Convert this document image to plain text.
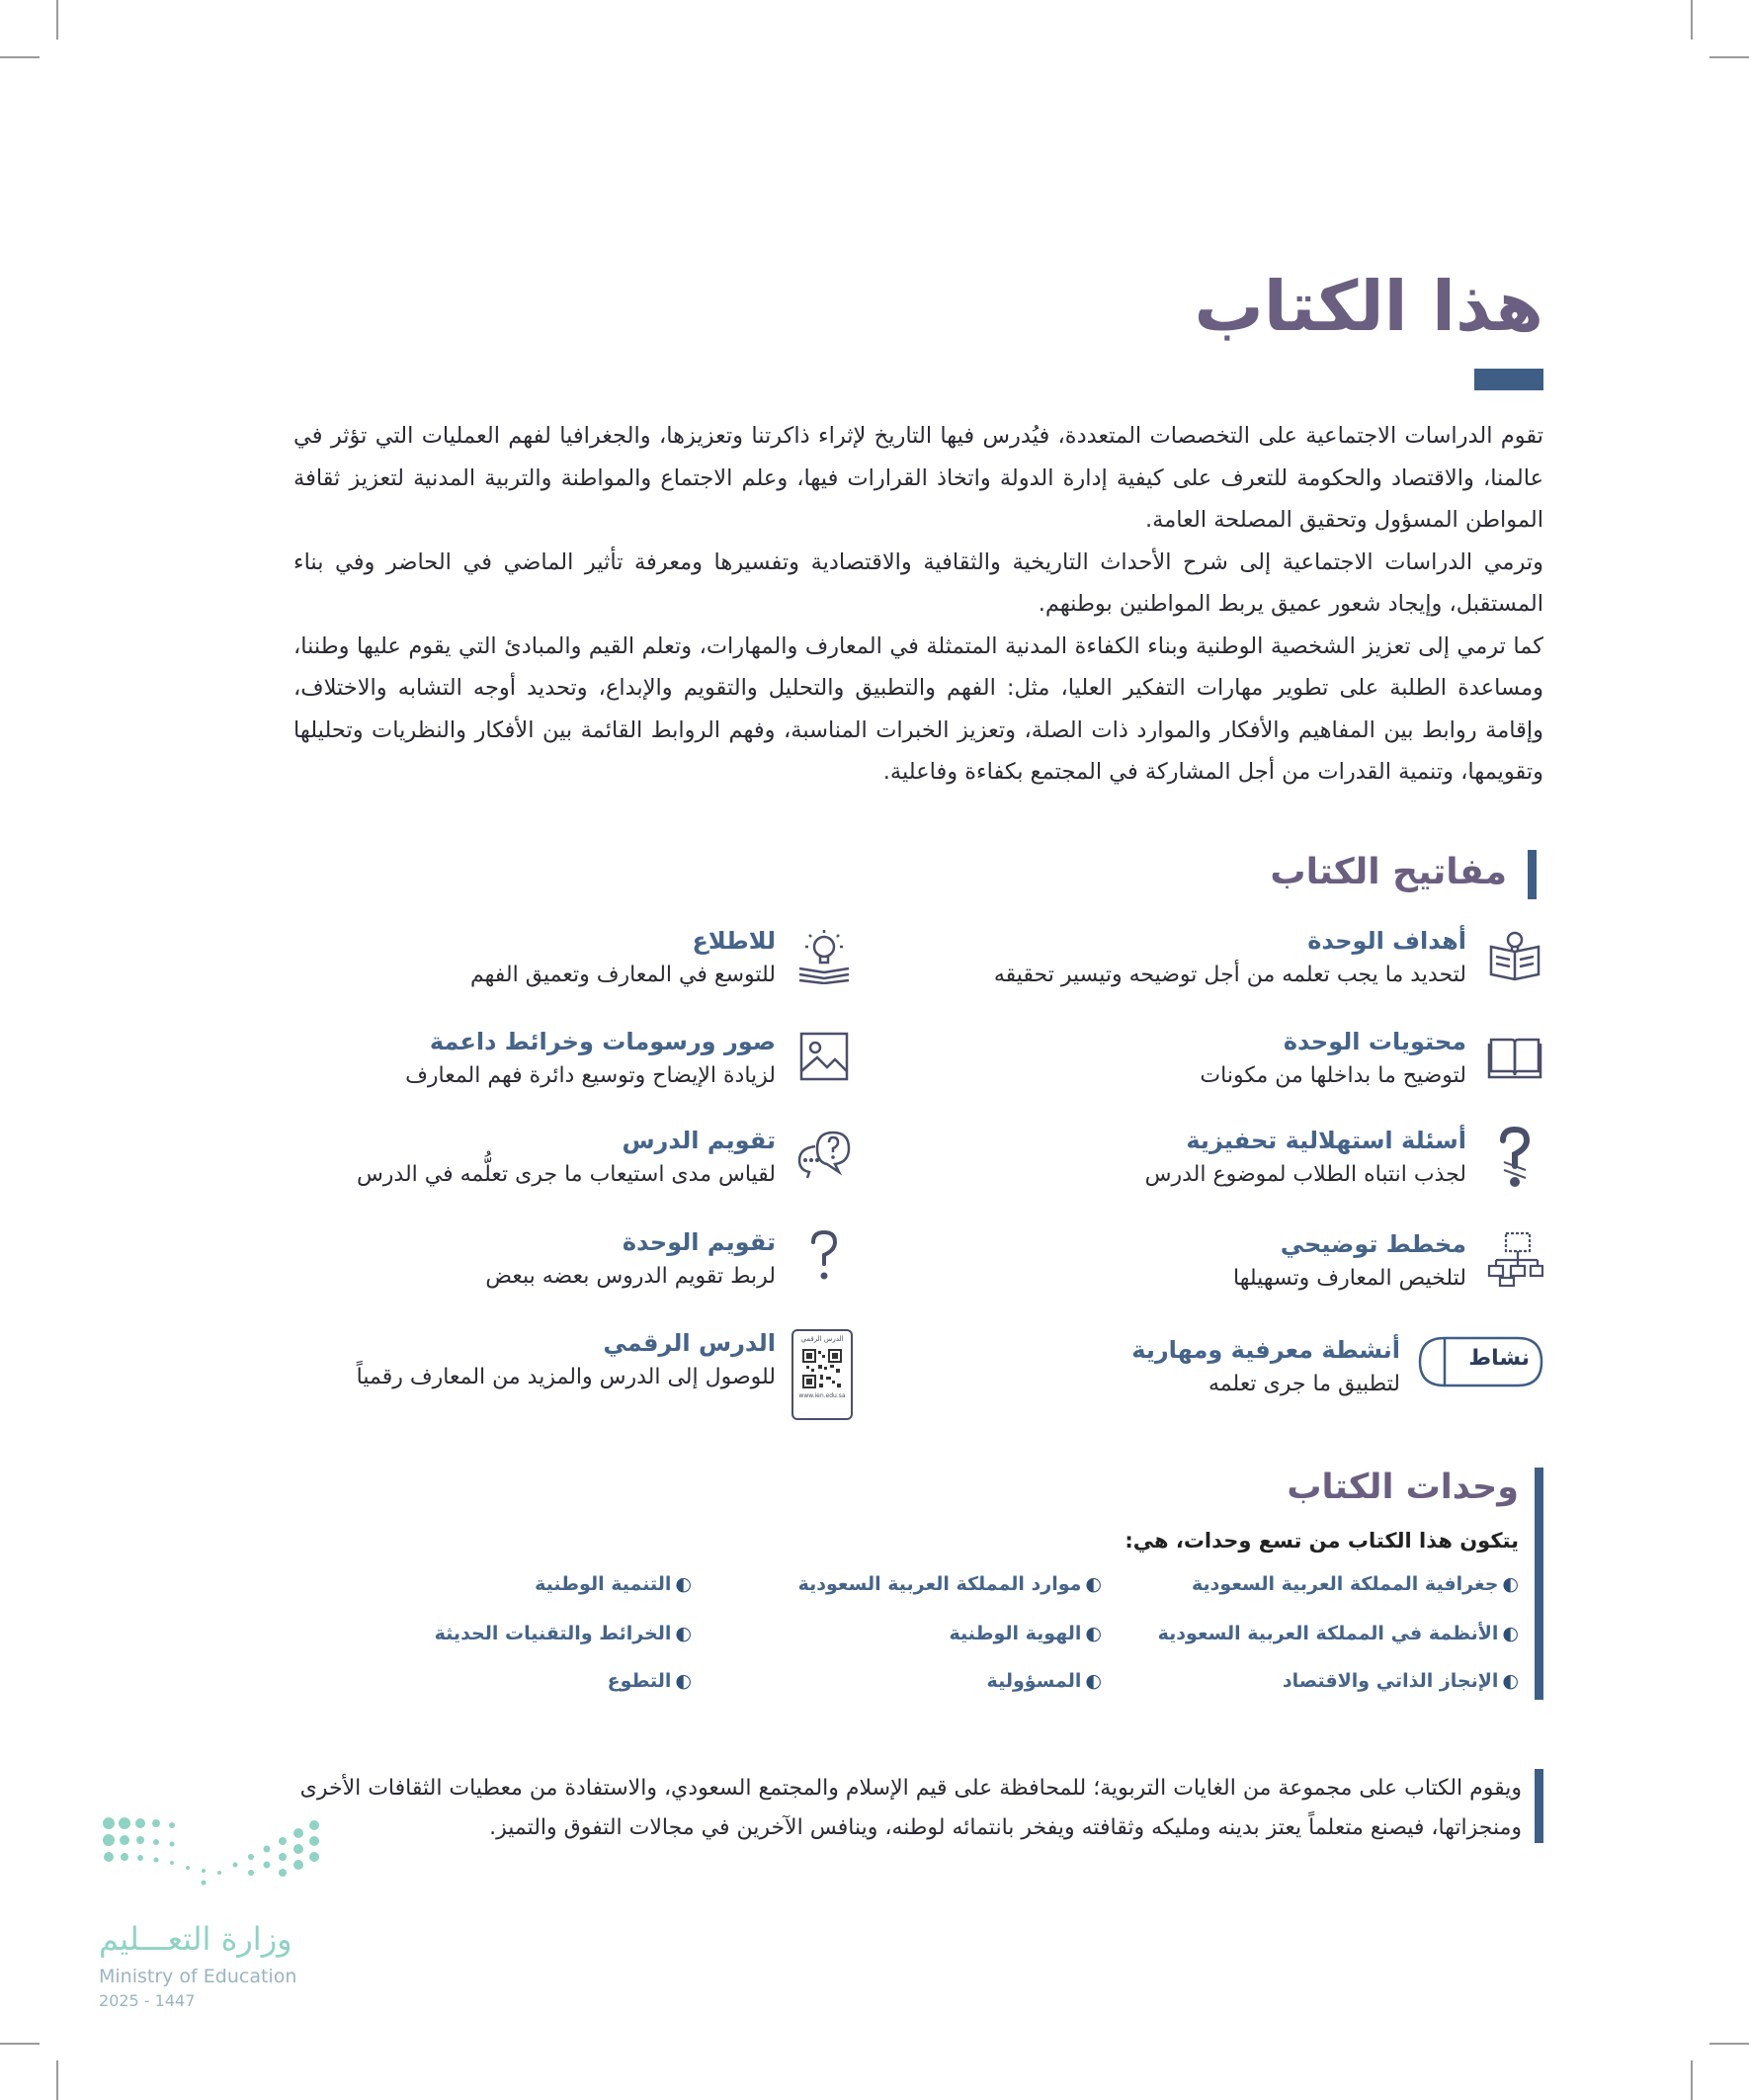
هذا الكتاب

تقوم الدراسات الاجتماعية على التخصصات المتعددة، فيُدرس فيها التاريخ لإثراء ذاكرتنا وتعزيزها، والجغرافيا لفهم العمليات التي تؤثر في عالمنا، والاقتصاد والحكومة للتعرف على كيفية إدارة الدولة واتخاذ القرارات فيها، وعلم الاجتماع والمواطنة والتربية المدنية لتعزيز ثقافة المواطن المسؤول وتحقيق المصلحة العامة.

وترمي الدراسات الاجتماعية إلى شرح الأحداث التاريخية والثقافية والاقتصادية وتفسيرها ومعرفة تأثير الماضي في الحاضر وفي بناء المستقبل، وإيجاد شعور عميق يربط المواطنين بوطنهم.

كما ترمي إلى تعزيز الشخصية الوطنية وبناء الكفاءة المدنية المتمثلة في المعارف والمهارات، وتعلم القيم والمبادئ التي يقوم عليها وطننا، ومساعدة الطلبة على تطوير مهارات التفكير العليا، مثل: الفهم والتطبيق والتحليل والتقويم والإبداع، وتحديد أوجه التشابه والاختلاف، وإقامة روابط بين المفاهيم والأفكار والموارد ذات الصلة، وتعزيز الخبرات المناسبة، وفهم الروابط القائمة بين الأفكار والنظريات وتحليلها وتقويمها، وتنمية القدرات من أجل المشاركة في المجتمع بكفاءة وفاعلية.

مفاتيح الكتاب
أهداف الوحدة
لتحديد ما يجب تعلمه من أجل توضيحه وتيسير تحقيقه
محتويات الوحدة
لتوضيح ما بداخلها من مكونات
أسئلة استهلالية تحفيزية
لجذب انتباه الطلاب لموضوع الدرس
مخطط توضيحي
لتلخيص المعارف وتسهيلها
نشاط
أنشطة معرفية ومهارية
لتطبيق ما جرى تعلمه
للاطلاع
للتوسع في المعارف وتعميق الفهم
صور ورسومات وخرائط داعمة
لزيادة الإيضاح وتوسيع دائرة فهم المعارف
تقويم الدرس
لقياس مدى استيعاب ما جرى تعلُّمه في الدرس
تقويم الوحدة
لربط تقويم الدروس بعضه ببعض
الدرس الرقمي
www.ien.edu.sa
الدرس الرقمي
للوصول إلى الدرس والمزيد من المعارف رقمياً
وحدات الكتاب
يتكون هذا الكتاب من تسع وحدات، هي:
◐جغرافية المملكة العربية السعودية
◐موارد المملكة العربية السعودية
◐التنمية الوطنية
◐الأنظمة في المملكة العربية السعودية
◐الهوية الوطنية
◐الخرائط والتقنيات الحديثة
◐الإنجاز الذاتي والاقتصاد
◐المسؤولية
◐التطوع

ويقوم الكتاب على مجموعة من الغايات التربوية؛ للمحافظة على قيم الإسلام والمجتمع السعودي، والاستفادة من معطيات الثقافات الأخرى ومنجزاتها، فيصنع متعلماً يعتز بدينه ومليكه وثقافته ويفخر بانتمائه لوطنه، وينافس الآخرين في مجالات التفوق والتميز.

وزارة التعـــليم
Ministry of Education
2025 - 1447
